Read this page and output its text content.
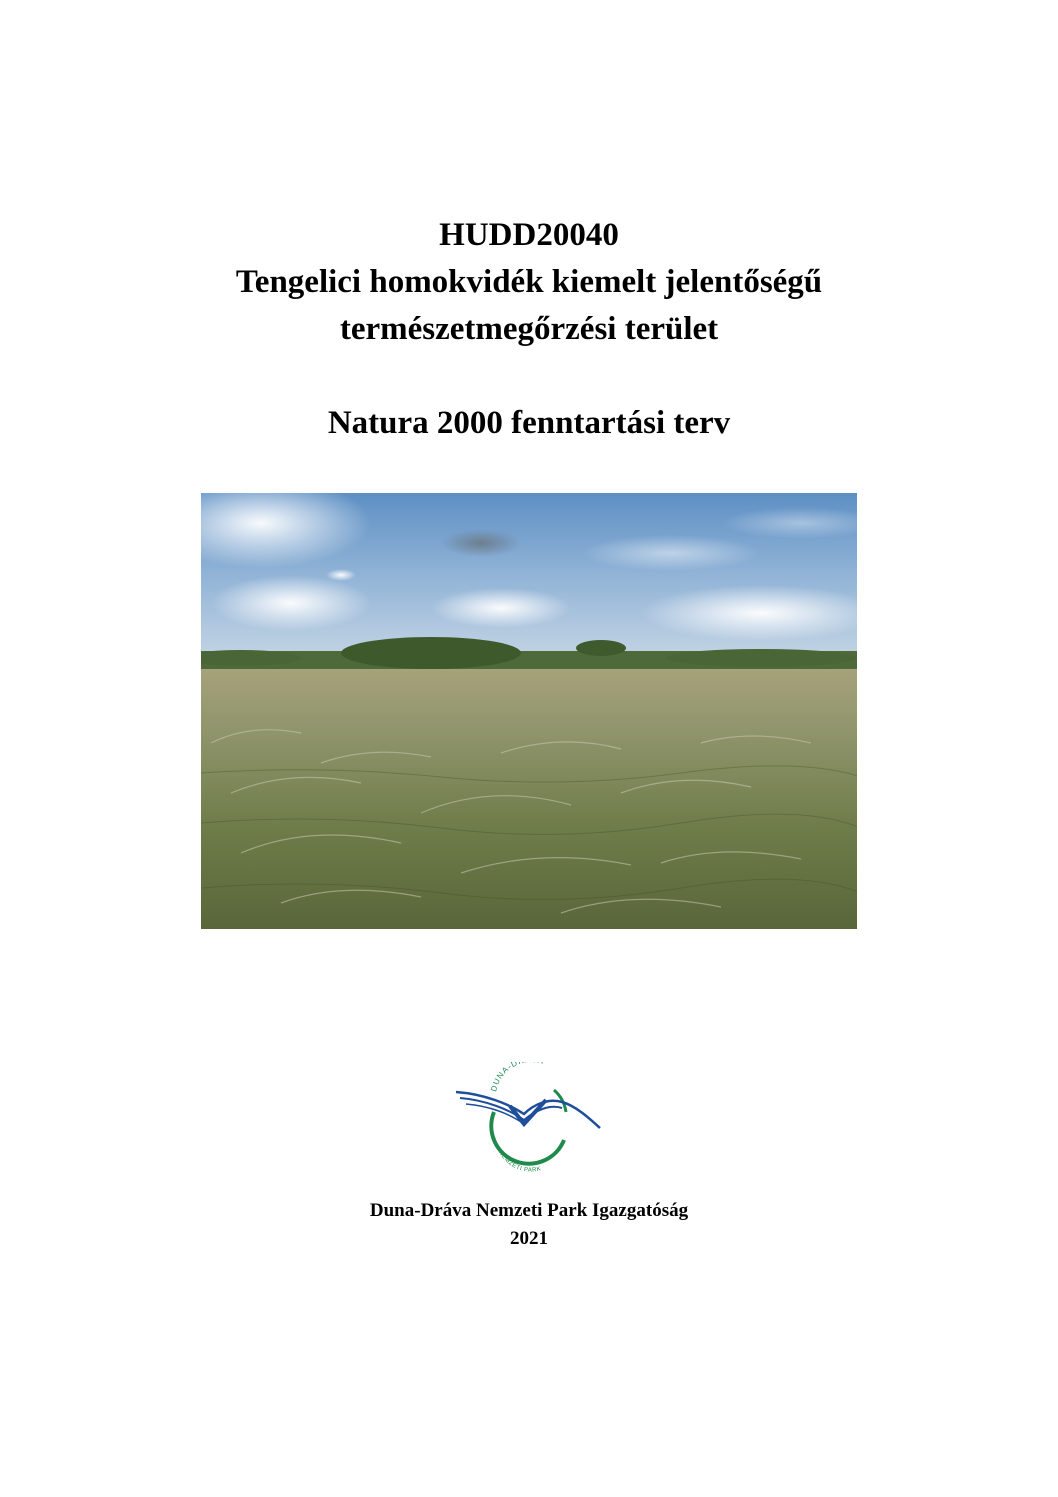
HUDD20040

Tengelici homokvidék kiemelt jelentőségű

természetmegőrzési terület

Natura 2000 fenntartási terv

DUNA-D
NEMZETI PARK
Duna-Dráva Nemzeti Park Igazgatóság
2021
